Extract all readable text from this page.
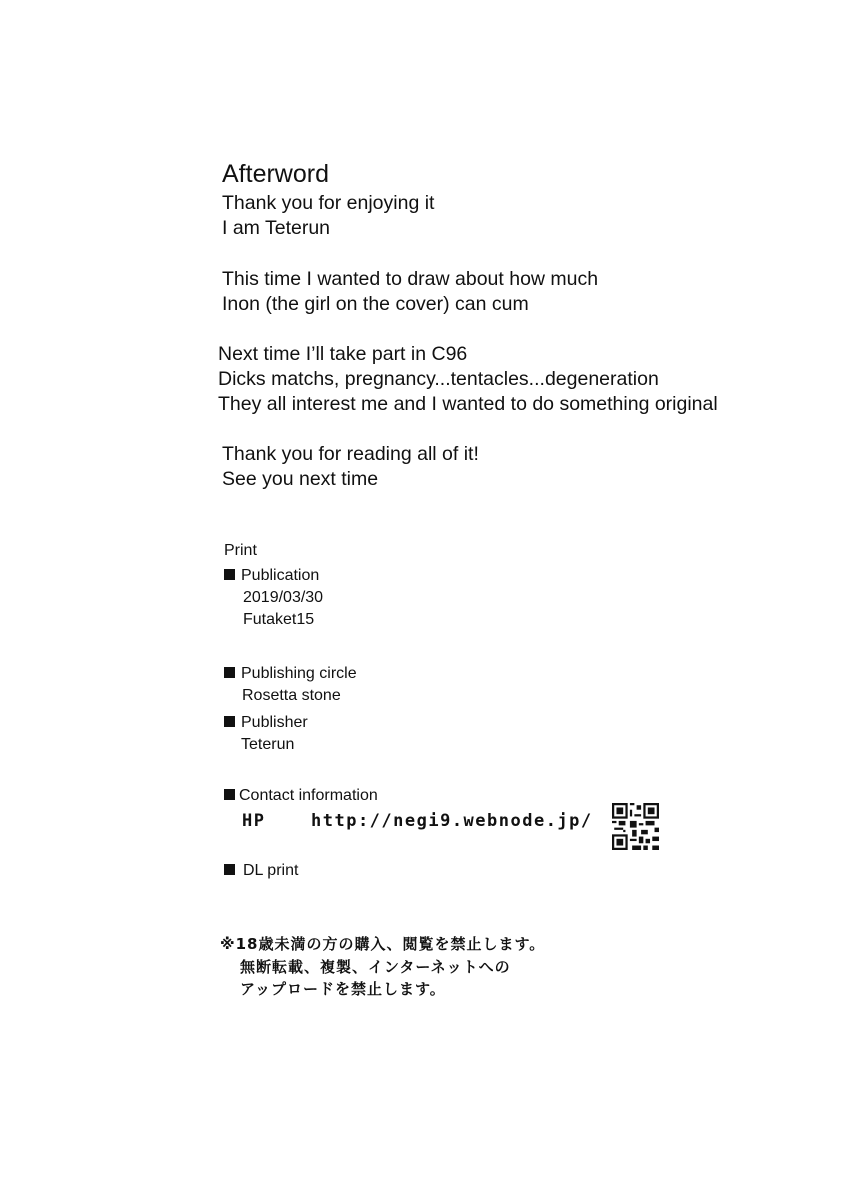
Afterword
Thank you for enjoying it
I am Teterun
This time I wanted to draw about how much
Inon (the girl on the cover) can cum
Next time I’ll take part in C96
Dicks matchs, pregnancy...tentacles...degeneration
They all interest me and I wanted to do something original
Thank you for reading all of it!
See you next time
Print
Publication
2019/03/30
Futaket15
Publishing circle
Rosetta stone
Publisher
Teterun
Contact information
HP	http://negi9.webnode.jp/
DL print
※18歳未満の方の購入、閲覧を禁止します。
無断転載、複製、インターネットへの
アップロードを禁止します。
